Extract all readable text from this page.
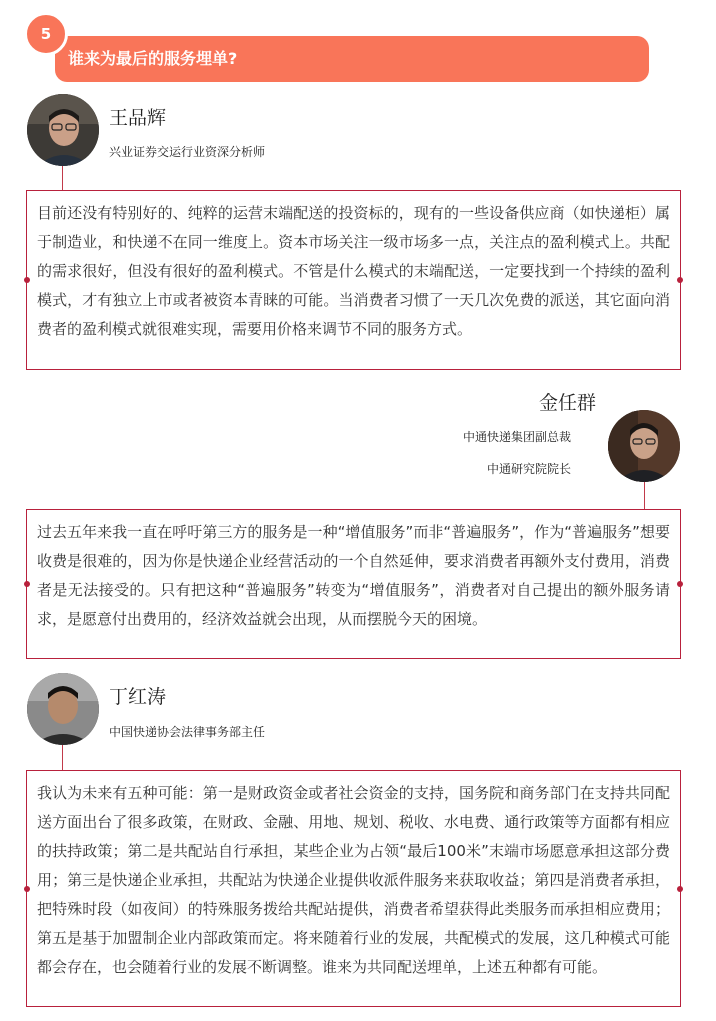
谁来为最后的服务埋单?
5
王品辉
兴业证券交运行业资深分析师
目前还没有特别好的、纯粹的运营末端配送的投资标的，现有的一些设备供应商（如快递柜）属于制造业，和快递不在同一维度上。资本市场关注一级市场多一点，关注点的盈利模式上。共配的需求很好，但没有很好的盈利模式。不管是什么模式的末端配送，一定要找到一个持续的盈利模式，才有独立上市或者被资本青睐的可能。当消费者习惯了一天几次免费的派送，其它面向消费者的盈利模式就很难实现，需要用价格来调节不同的服务方式。
金任群
中通快递集团副总裁
中通研究院院长
过去五年来我一直在呼吁第三方的服务是一种“增值服务”而非“普遍服务”，作为“普遍服务”想要收费是很难的，因为你是快递企业经营活动的一个自然延伸，要求消费者再额外支付费用，消费者是无法接受的。只有把这种“普遍服务”转变为“增值服务”，消费者对自己提出的额外服务请求，是愿意付出费用的，经济效益就会出现，从而摆脱今天的困境。
丁红涛
中国快递协会法律事务部主任
我认为未来有五种可能：第一是财政资金或者社会资金的支持，国务院和商务部门在支持共同配送方面出台了很多政策，在财政、金融、用地、规划、税收、水电费、通行政策等方面都有相应的扶持政策；第二是共配站自行承担，某些企业为占领“最后100米”末端市场愿意承担这部分费用；第三是快递企业承担，共配站为快递企业提供收派件服务来获取收益；第四是消费者承担，把特殊时段（如夜间）的特殊服务拨给共配站提供，消费者希望获得此类服务而承担相应费用；第五是基于加盟制企业内部政策而定。将来随着行业的发展，共配模式的发展，这几种模式可能都会存在，也会随着行业的发展不断调整。谁来为共同配送埋单，上述五种都有可能。
